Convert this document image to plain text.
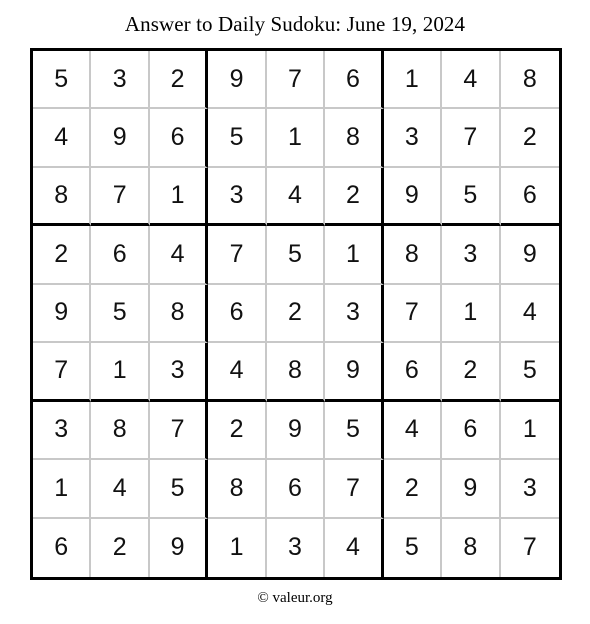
Answer to Daily Sudoku: June 19, 2024
5	3	2	9	7	6	1	4	8
4	9	6	5	1	8	3	7	2
8	7	1	3	4	2	9	5	6
2	6	4	7	5	1	8	3	9
9	5	8	6	2	3	7	1	4
7	1	3	4	8	9	6	2	5
3	8	7	2	9	5	4	6	1
1	4	5	8	6	7	2	9	3
6	2	9	1	3	4	5	8	7
© valeur.org
